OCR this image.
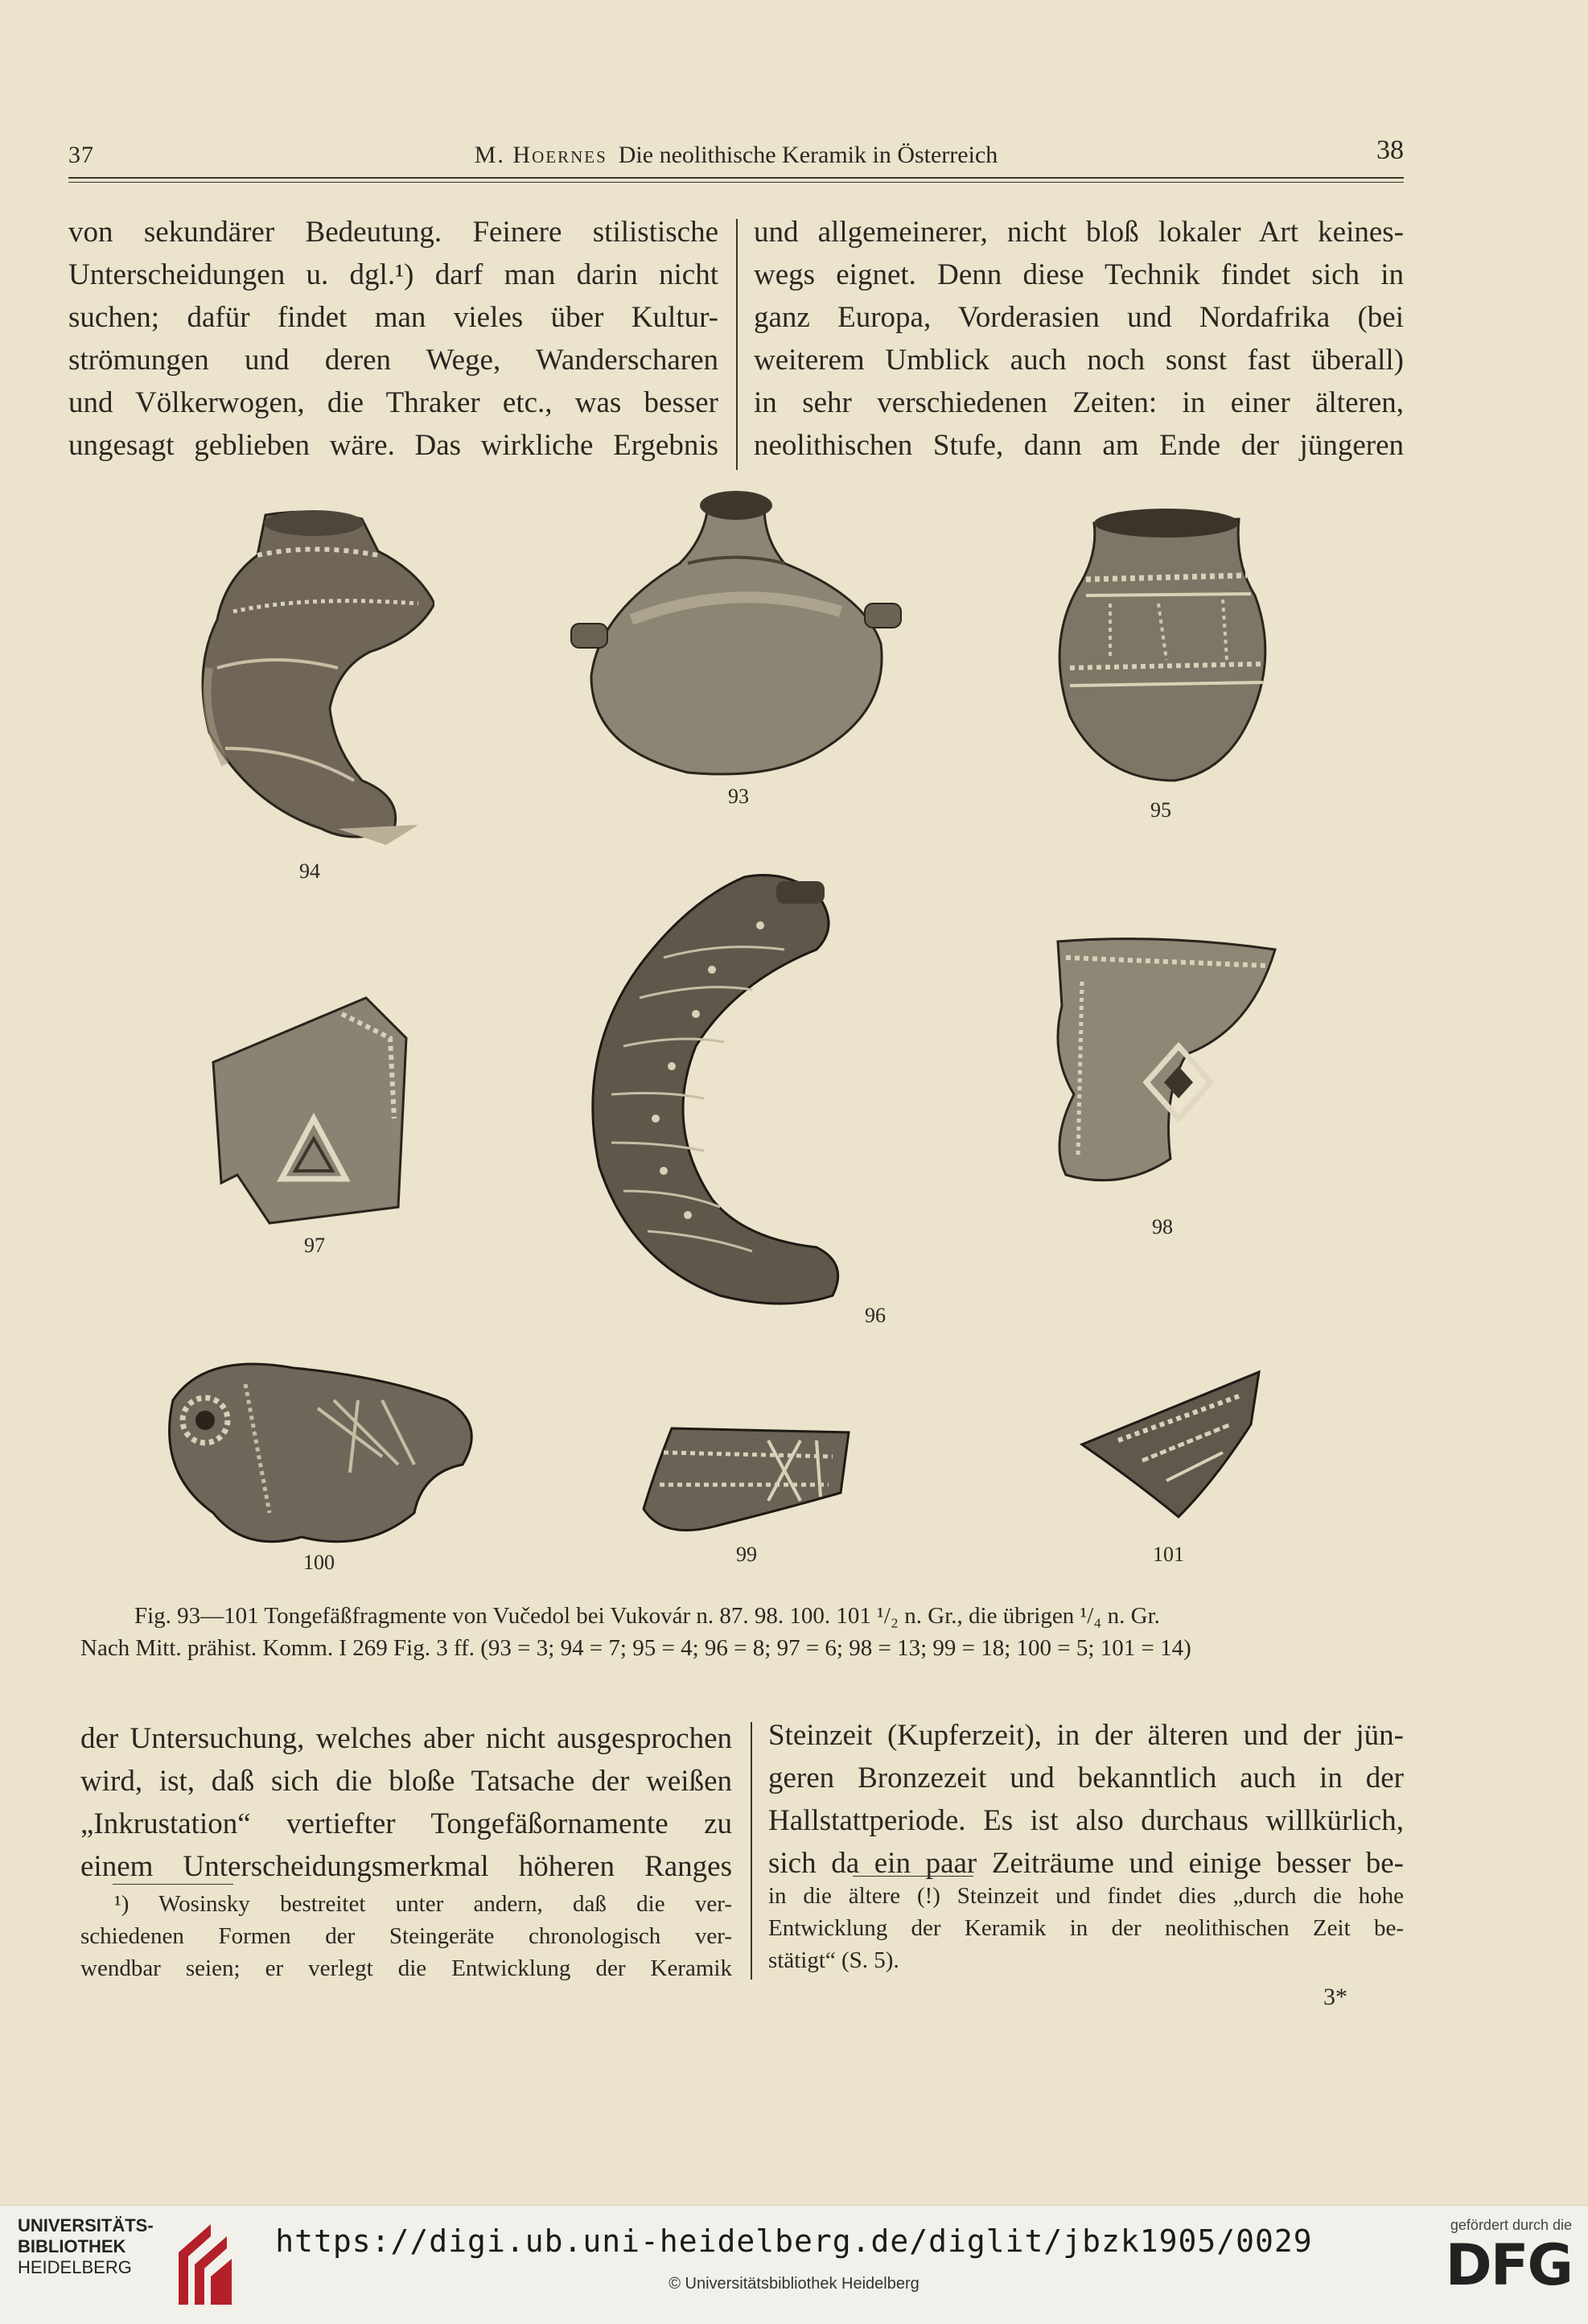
37	M. Hoernes Die neolithische Keramik in Österreich	38
von sekundärer Bedeutung. Feinere stilistische
Unterscheidungen u. dgl.¹) darf man darin nicht
suchen; dafür findet man vieles über Kultur-
strömungen und deren Wege, Wanderscharen
und Völkerwogen, die Thraker etc., was besser
ungesagt geblieben wäre. Das wirkliche Ergebnis
und allgemeinerer, nicht bloß lokaler Art keines-
wegs eignet. Denn diese Technik findet sich in
ganz Europa, Vorderasien und Nordafrika (bei
weiterem Umblick auch noch sonst fast überall)
in sehr verschiedenen Zeiten: in einer älteren,
neolithischen Stufe, dann am Ende der jüngeren
94
93
95
97
96
98
100	99	101
Fig. 93—101 Tongefäßfragmente von Vučedol bei Vukovár n. 87. 98. 100. 101 ¹/₂ n. Gr., die übrigen ¹/₄ n. Gr.
Nach Mitt. prähist. Komm. I 269 Fig. 3 ff. (93 = 3; 94 = 7; 95 = 4; 96 = 8; 97 = 6; 98 = 13; 99 = 18; 100 = 5; 101 = 14)
der Untersuchung, welches aber nicht ausgesprochen
wird, ist, daß sich die bloße Tatsache der weißen
„Inkrustation“ vertiefter Tongefäßornamente zu
einem Unterscheidungsmerkmal höheren Ranges
Steinzeit (Kupferzeit), in der älteren und der jün-
geren Bronzezeit und bekanntlich auch in der
Hallstattperiode. Es ist also durchaus willkürlich,
sich da ein paar Zeiträume und einige besser be-
¹) Wosinsky bestreitet unter andern, daß die ver-
schiedenen Formen der Steingeräte chronologisch ver-
wendbar seien; er verlegt die Entwicklung der Keramik
in die ältere (!) Steinzeit und findet dies „durch die hohe
Entwicklung der Keramik in der neolithischen Zeit be-
stätigt“ (S. 5).
3*
UNIVERSITÄTS-
BIBLIOTHEK
HEIDELBERG
https://digi.ub.uni-heidelberg.de/diglit/jbzk1905/0029
© Universitätsbibliothek Heidelberg
gefördert durch die
DFG
